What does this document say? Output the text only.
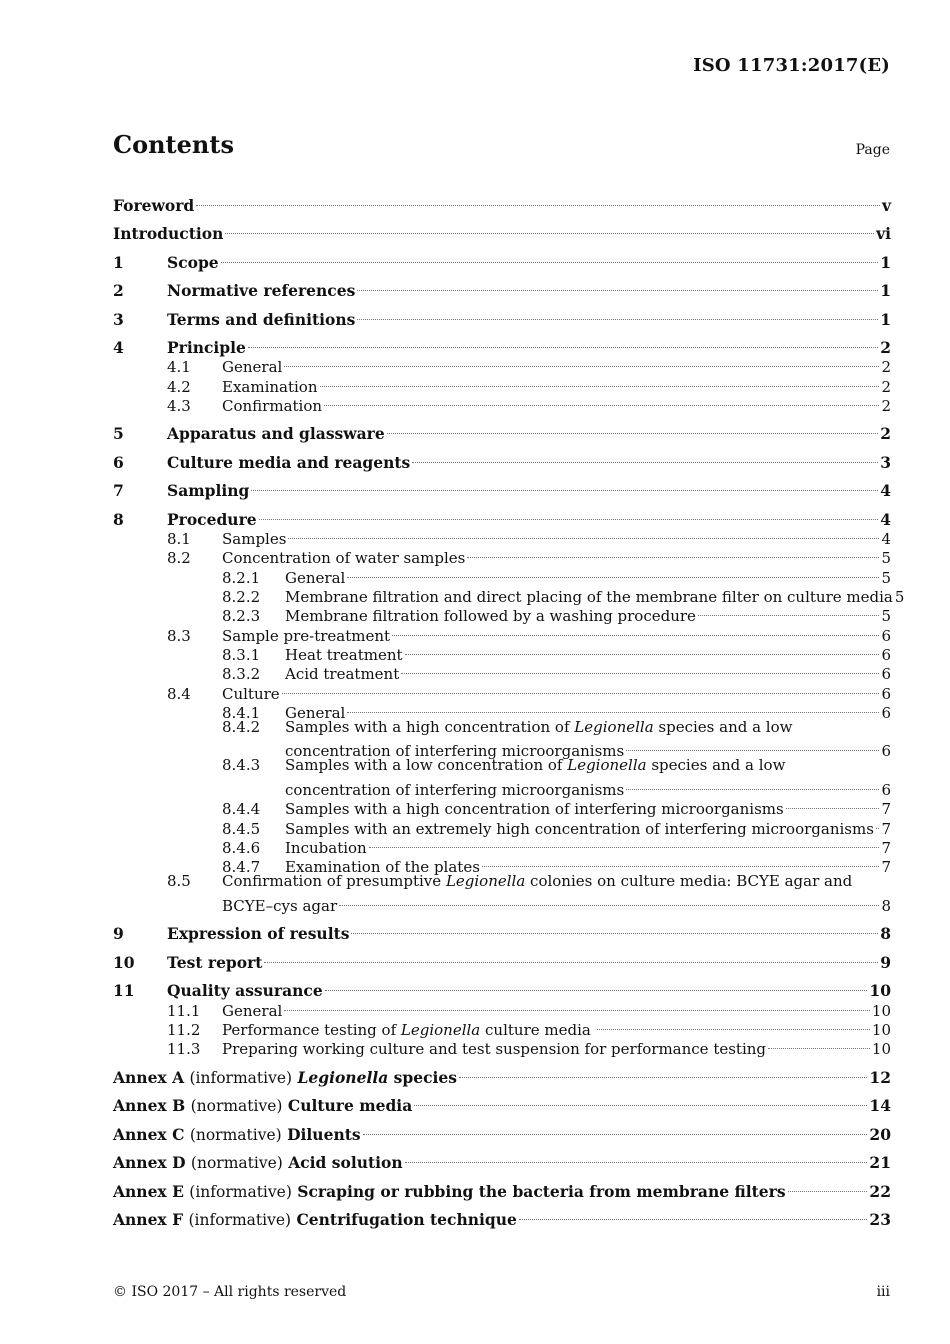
ISO 11731:2017(E)
Contents	Page
Foreword	v
Introduction	vi
1	Scope	1
2	Normative references	1
3	Terms and definitions	1
4	Principle	2
4.1	General	2
4.2	Examination	2
4.3	Confirmation	2
5	Apparatus and glassware	2
6	Culture media and reagents	3
7	Sampling	4
8	Procedure	4
8.1	Samples	4
8.2	Concentration of water samples	5
8.2.1	General	5
8.2.2	Membrane filtration and direct placing of the membrane filter on culture media 5
8.2.3	Membrane filtration followed by a washing procedure	5
8.3	Sample pre-treatment	6
8.3.1	Heat treatment	6
8.3.2	Acid treatment	6
8.4	Culture	6
8.4.1	General	6
8.4.2	Samples with a high concentration of Legionella species and a low
concentration of interfering microorganisms	6
8.4.3	Samples with a low concentration of Legionella species and a low
concentration of interfering microorganisms	6
8.4.4	Samples with a high concentration of interfering microorganisms	7
8.4.5	Samples with an extremely high concentration of interfering microorganisms 7
8.4.6	Incubation	7
8.4.7	Examination of the plates	7
8.5	Confirmation of presumptive Legionella colonies on culture media: BCYE agar and
BCYE–cys agar	8
9	Expression of results	8
10	Test report	9
11	Quality assurance	10
11.1	General	10
11.2	Performance testing of Legionella culture media	10
11.3	Preparing working culture and test suspension for performance testing	10
Annex A (informative) Legionella species	12
Annex B (normative) Culture media	14
Annex C (normative) Diluents	20
Annex D (normative) Acid solution	21
Annex E (informative) Scraping or rubbing the bacteria from membrane filters	22
Annex F (informative) Centrifugation technique	23
© ISO 2017 – All rights reserved	iii
